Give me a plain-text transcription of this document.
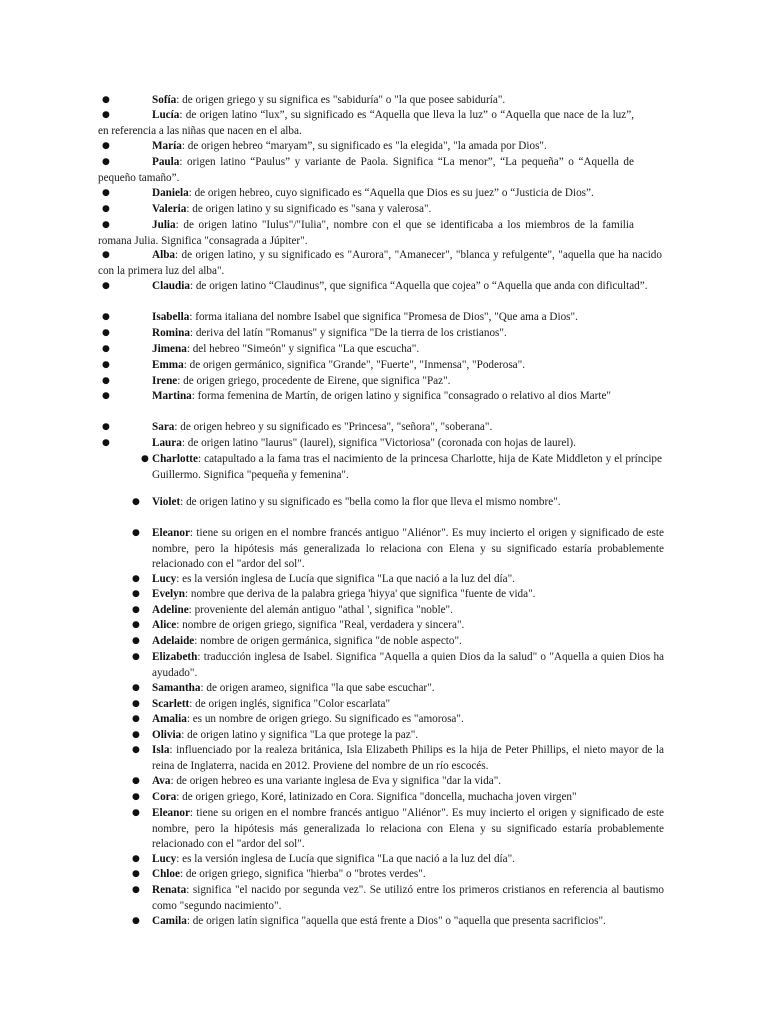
●	Sofía: de origen griego y su significa es "sabiduría" o "la que posee sabiduría".
●	Lucía: de origen latino “lux”, su significado es “Aquella que lleva la luz” o “Aquella que nace de la luz”, en referencia a las niñas que nacen en el alba.
●	María: de origen hebreo “maryam”, su significado es "la elegida", "la amada por Dios".
●	Paula: origen latino “Paulus” y variante de Paola. Significa “La menor”, “La pequeña” o “Aquella de pequeño tamaño”.
●	Daniela: de origen hebreo, cuyo significado es “Aquella que Dios es su juez” o “Justicia de Dios”.
●	Valeria: de origen latino y su significado es "sana y valerosa".
●	Julia: de origen latino "Iulus"/"Iulia", nombre con el que se identificaba a los miembros de la familia romana Julia. Significa "consagrada a Júpiter".
●	Alba: de origen latino, y su significado es "Aurora", "Amanecer", "blanca y refulgente", "aquella que ha nacido con la primera luz del alba".
●	Claudia: de origen latino “Claudinus”, que significa “Aquella que cojea” o “Aquella que anda con dificultad”.
●	Isabella: forma italiana del nombre Isabel que significa "Promesa de Dios", "Que ama a Dios".
●	Romina: deriva del latín "Romanus" y significa "De la tierra de los cristianos".
●	Jimena: del hebreo "Simeón" y significa "La que escucha".
●	Emma: de origen germánico, significa "Grande", "Fuerte", "Inmensa", "Poderosa".
●	Irene: de origen griego, procedente de Eirene, que significa "Paz".
●	Martina: forma femenina de Martín, de origen latino y significa "consagrado o relativo al dios Marte"
●	Sara: de origen hebreo y su significado es "Princesa", "señora", "soberana".
●	Laura: de origen latino "laurus" (laurel), significa "Victoriosa" (coronada con hojas de laurel).
● Charlotte: catapultado a la fama tras el nacimiento de la princesa Charlotte, hija de Kate Middleton y el príncipe Guillermo. Significa "pequeña y femenina".
● Violet: de origen latino y su significado es "bella como la flor que lleva el mismo nombre".
● Eleanor: tiene su origen en el nombre francés antiguo "Aliénor". Es muy incierto el origen y significado de este nombre, pero la hipótesis más generalizada lo relaciona con Elena y su significado estaría probablemente relacionado con el "ardor del sol".
● Lucy: es la versión inglesa de Lucía que significa "La que nació a la luz del día".
● Evelyn: nombre que deriva de la palabra griega 'hiyya' que significa "fuente de vida".
● Adeline: proveniente del alemán antiguo "athal ', significa "noble".
● Alice: nombre de origen griego, significa "Real, verdadera y sincera".
● Adelaide: nombre de origen germánica, significa "de noble aspecto".
● Elizabeth: traducción inglesa de Isabel. Significa "Aquella a quien Dios da la salud" o "Aquella a quien Dios ha ayudado".
● Samantha: de origen arameo, significa "la que sabe escuchar".
● Scarlett: de origen inglés, significa "Color escarlata"
● Amalia: es un nombre de origen griego. Su significado es "amorosa".
● Olivia: de origen latino y significa "La que protege la paz".
● Isla: influenciado por la realeza británica, Isla Elizabeth Philips es la hija de Peter Phillips, el nieto mayor de la reina de Inglaterra, nacida en 2012. Proviene del nombre de un río escocés.
● Ava: de origen hebreo es una variante inglesa de Eva y significa "dar la vida".
● Cora: de origen griego, Koré, latinizado en Cora. Significa "doncella, muchacha joven virgen"
● Eleanor: tiene su origen en el nombre francés antiguo "Aliénor". Es muy incierto el origen y significado de este nombre, pero la hipótesis más generalizada lo relaciona con Elena y su significado estaría probablemente relacionado con el "ardor del sol".
● Lucy: es la versión inglesa de Lucía que significa "La que nació a la luz del día".
● Chloe: de origen griego, significa "hierba" o "brotes verdes".
● Renata: significa "el nacido por segunda vez". Se utilizó entre los primeros cristianos en referencia al bautismo como "segundo nacimiento".
● Camila: de origen latín significa "aquella que está frente a Dios" o "aquella que presenta sacrificios".
